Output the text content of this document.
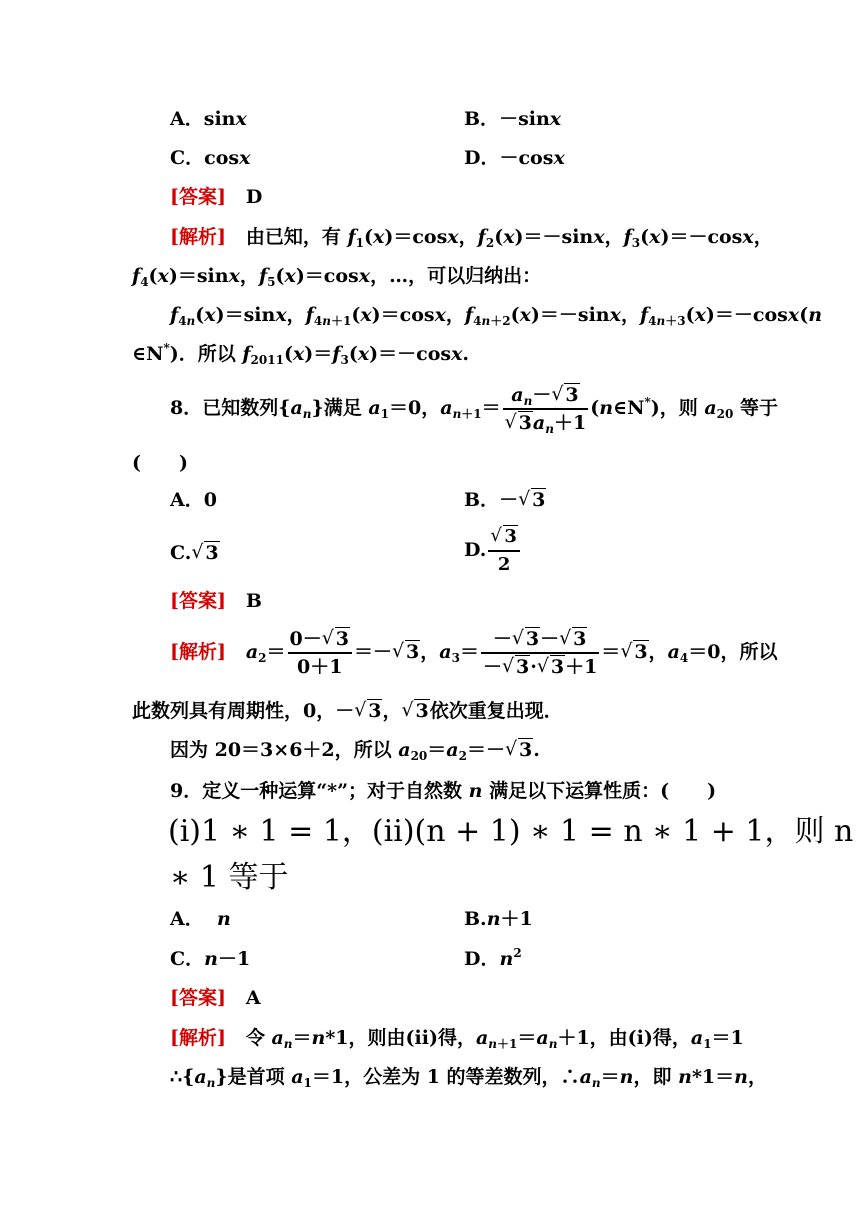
A．sinx	B．－sinx
C．cosx	D．－cosx
[答案] D
[解析] 由已知，有 $f_1(x)=\cos x$，$f_2(x)=-\sin x$，$f_3(x)=-\cos x$，
$f_4(x)=\sin x$，$f_5(x)=\cos x$，…，可以归纳出：
$f_{4n}(x)=\sin x$，$f_{4n+1}(x)=\cos x$，$f_{4n+2}(x)=-\sin x$，$f_{4n+3}(x)=-\cos x(n$
∈N*)．所以 $f_{2011}(x)=f_3(x)=-\cos x$.
8．已知数列$\{a_n\}$满足 $a_1=0$，$a_{n+1}= a_n-√$ 3
√ $3a_n+1$ (n∈N*)，则 $a_{20}$ 等于
(　　)
A．0	B．－√ 3
C.√ 3	D.
√ $\frac{3}{2}$
[答案] B
[解析] $a_2= \frac{0-√ 3}{0+1}$ ＝－√ 3，$a_3= \frac{-√ 3-√ 3}{-√ 3\cdot√ 3+1}$ ＝√ 3，$a_4=0$，所以
此数列具有周期性，0，－√ 3，√ 3依次重复出现．
因为 20＝3×6＋2，所以 $a_{20}=a_2=-√$ 3.
9．定义一种运算“*”；对于自然数 n 满足以下运算性质：(　　)
(ⅰ)1 ∗ 1 = 1，(ⅱ)(n + 1) ∗ 1 = n ∗ 1 + 1，则 n
∗ 1 等于
A． n	B.n＋1
C．n－1	D．$n^2$
[答案] A
[解析] 令 $a_n=n*1$，则由(ii)得，$a_{n+1}=a_n+1$，由(i)得，$a_1=1$
$\therefore\{a_n\}$是首项 $a_1=1$，公差为 1 的等差数列，$\therefore a_n=n$，即 n*1＝n，
